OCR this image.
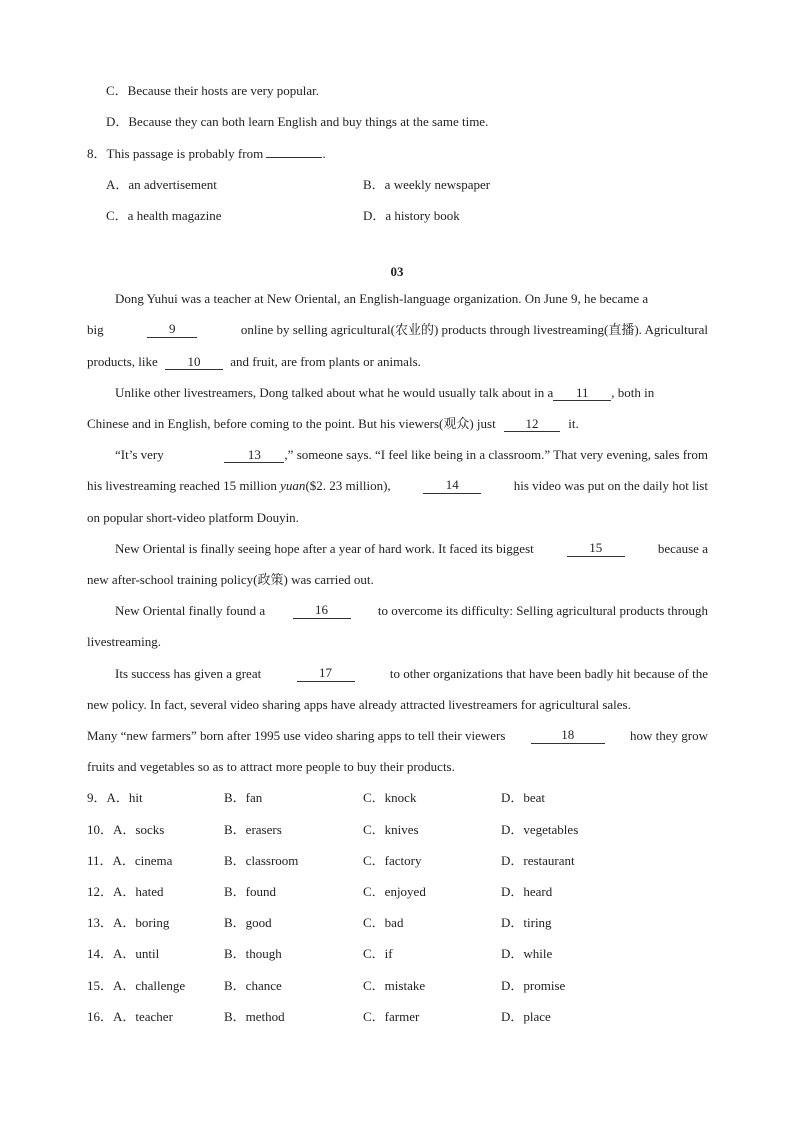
C．Because their hosts are very popular.
D．Because they can both learn English and buy things at the same time.
8．This passage is probably from	.
A．an advertisement	B．a weekly newspaper
C．a health magazine	D．a history book
03
Dong Yuhui was a teacher at New Oriental, an English-language organization. On June 9, he became a
big	9	online by selling agricultural(农业的) products through livestreaming(直播). Agricultural
products, like 10 and fruit, are from plants or animals.
Unlike other livestreamers, Dong talked about what he would usually talk about in a 11 , both in
Chinese and in English, before coming to the point. But his viewers(观众) just 12 it.
“It’s very	13 ,” someone says. “I feel like being in a classroom.” That very evening, sales from
his livestreaming reached 15 million yuan($2. 23 million),	14	his video was put on the daily hot list
on popular short-video platform Douyin.
New Oriental is finally seeing hope after a year of hard work. It faced its biggest	15	because a
new after-school training policy(政策) was carried out.
New Oriental finally found a	16	to overcome its difficulty: Selling agricultural products through
livestreaming.
Its success has given a great	17	to other organizations that have been badly hit because of the
new policy. In fact, several video sharing apps have already attracted livestreamers for agricultural sales.
Many “new farmers” born after 1995 use video sharing apps to tell their viewers	18	how they grow
fruits and vegetables so as to attract more people to buy their products.
9．A．hit	B．fan	C．knock	D．beat
10．A．socks	B．erasers	C．knives	D．vegetables
11．A．cinema	B．classroom	C．factory	D．restaurant
12．A．hated	B．found	C．enjoyed	D．heard
13．A．boring	B．good	C．bad	D．tiring
14．A．until	B．though	C．if	D．while
15．A．challenge	B．chance	C．mistake	D．promise
16．A．teacher	B．method	C．farmer	D．place
